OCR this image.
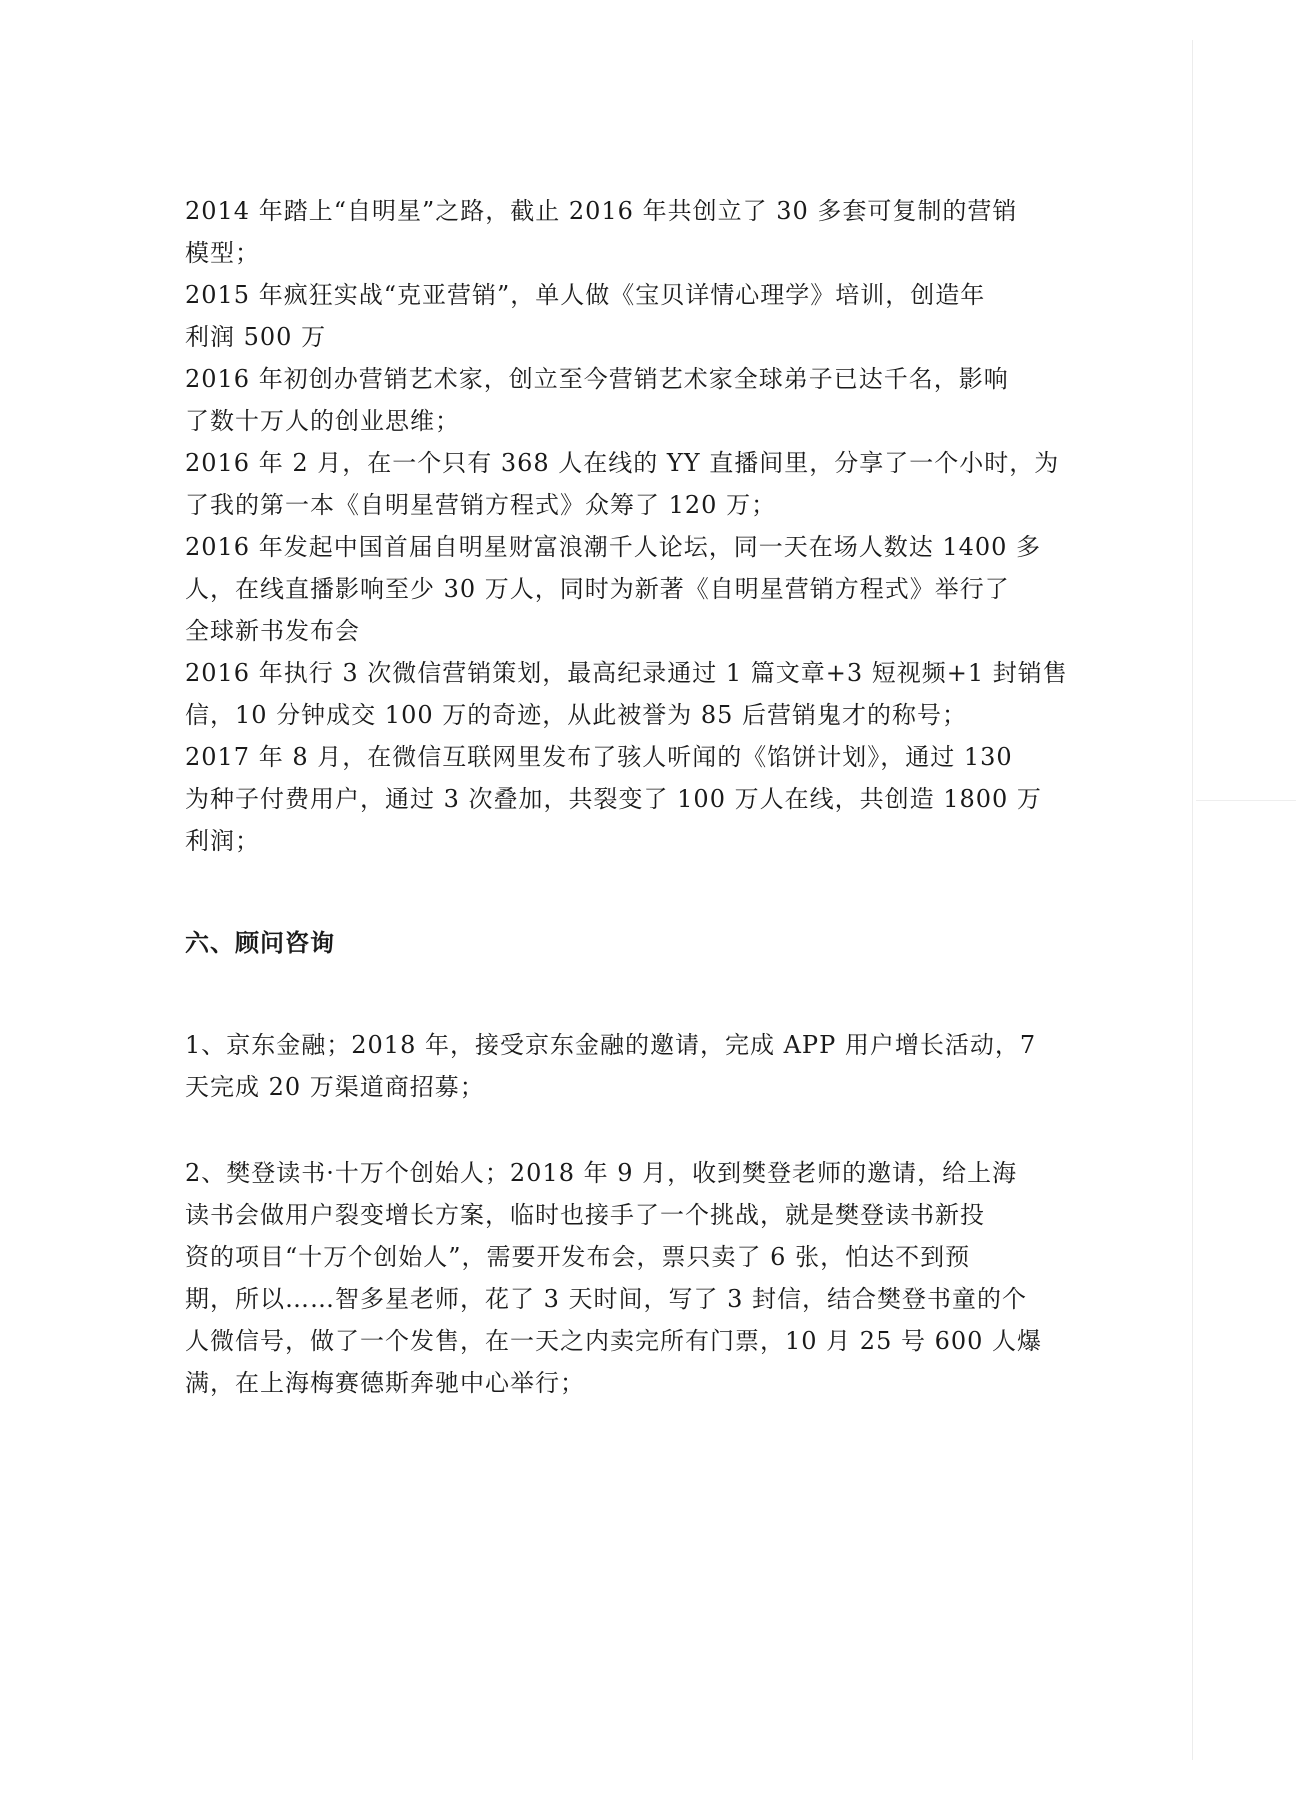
2014 年踏上“自明星”之路，截止 2016 年共创立了 30 多套可复制的营销
模型；

2015 年疯狂实战“克亚营销”，单人做《宝贝详情心理学》培训，创造年
利润 500 万

2016 年初创办营销艺术家，创立至今营销艺术家全球弟子已达千名，影响
了数十万人的创业思维；

2016 年 2 月，在一个只有 368 人在线的 YY 直播间里，分享了一个小时，为
了我的第一本《自明星营销方程式》众筹了 120 万；

2016 年发起中国首届自明星财富浪潮千人论坛，同一天在场人数达 1400 多
人，在线直播影响至少 30 万人，同时为新著《自明星营销方程式》举行了
全球新书发布会

2016 年执行 3 次微信营销策划，最高纪录通过 1 篇文章+3 短视频+1 封销售
信，10 分钟成交 100 万的奇迹，从此被誉为 85 后营销鬼才的称号；

2017 年 8 月，在微信互联网里发布了骇人听闻的《馅饼计划》，通过 130
为种子付费用户，通过 3 次叠加，共裂变了 100 万人在线，共创造 1800 万
利润；

六、顾问咨询

1、京东金融；2018 年，接受京东金融的邀请，完成 APP 用户增长活动，7
天完成 20 万渠道商招募；

2、樊登读书·十万个创始人；2018 年 9 月，收到樊登老师的邀请，给上海
读书会做用户裂变增长方案，临时也接手了一个挑战，就是樊登读书新投
资的项目“十万个创始人”，需要开发布会，票只卖了 6 张，怕达不到预
期，所以……智多星老师，花了 3 天时间，写了 3 封信，结合樊登书童的个
人微信号，做了一个发售，在一天之内卖完所有门票，10 月 25 号 600 人爆
满，在上海梅赛德斯奔驰中心举行；
